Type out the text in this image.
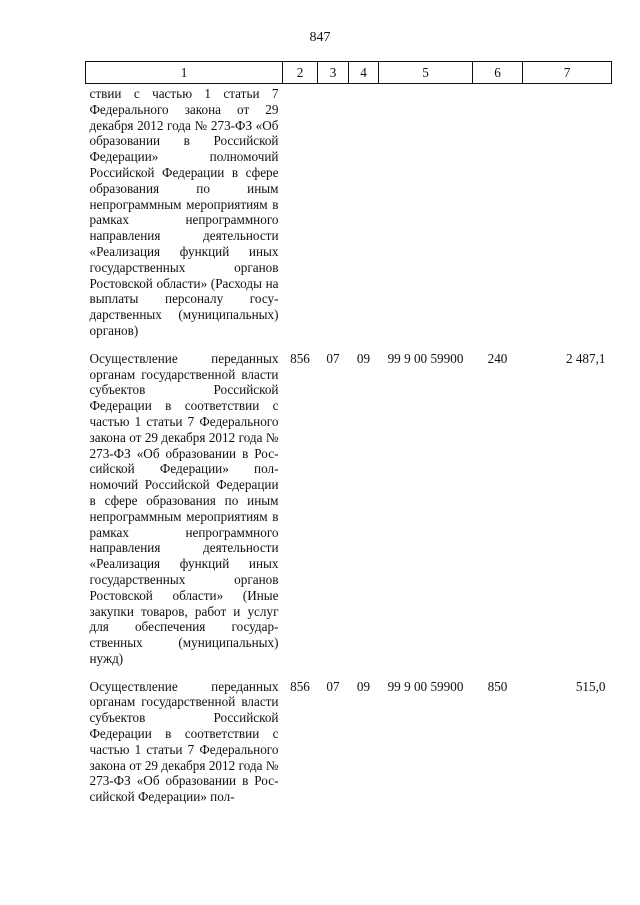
847
1	2	3	4	5	6	7
ствии с частью 1 статьи 7 Федерального закона от 29 декабря 2012 года № 273-ФЗ «Об образовании в Российской Федерации» полномочий Российской Федерации в сфере образования по иным непрограммным мероприятиям в рамках непрограммного направления деятельности «Реализация функций иных государственных органов Ростовской области» (Расходы на выплаты персоналу государственных (муниципальных) органов)						
Осуществление переданных органам государственной власти субъектов Российской Федерации в соответствии с частью 1 статьи 7 Федерального закона от 29 декабря 2012 года № 273-ФЗ «Об образовании в Российской Федерации» полномочий Российской Федерации в сфере образования по иным непрограммным мероприятиям в рамках непрограммного направления деятельности «Реализация функций иных государственных органов Ростовской области» (Иные закупки товаров, работ и услуг для обеспечения государственных (муниципальных) нужд)	856	07	09	99 9 00 59900	240	2 487,1
Осуществление переданных органам государственной власти субъектов Российской Федерации в соответствии с частью 1 статьи 7 Федерального закона от 29 декабря 2012 года № 273-ФЗ «Об образовании в Российской Федерации» пол-	856	07	09	99 9 00 59900	850	515,0
